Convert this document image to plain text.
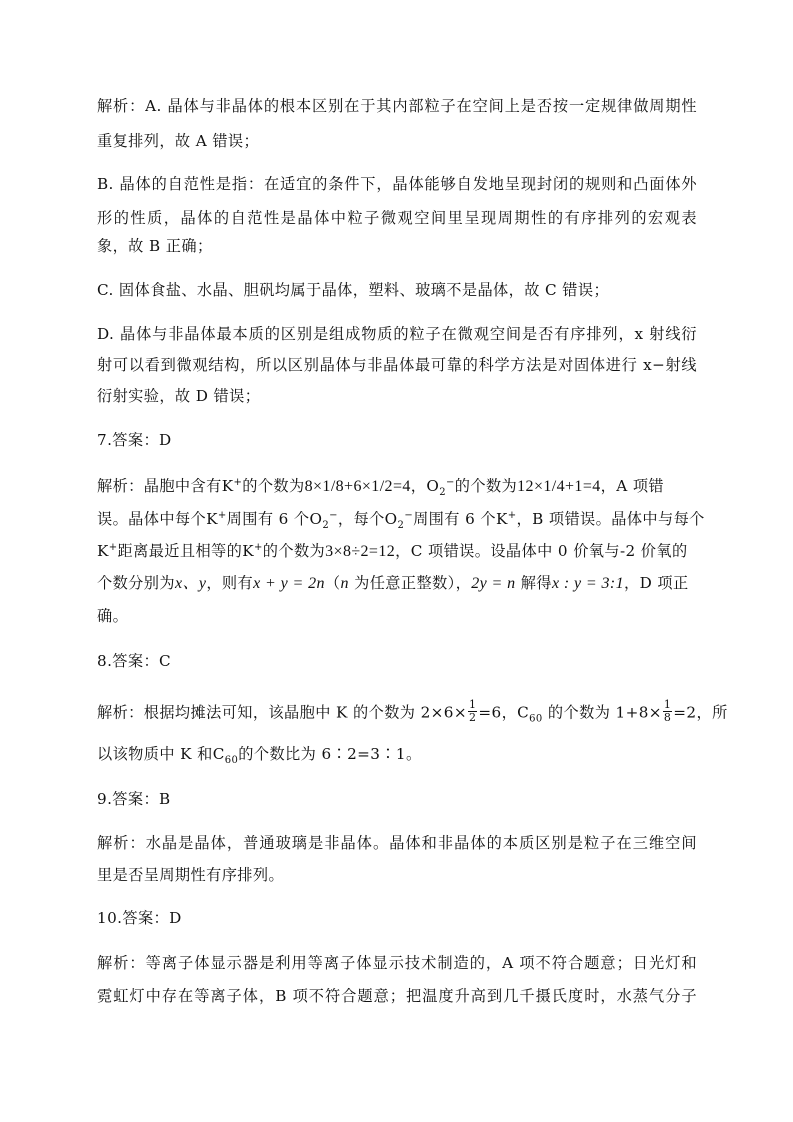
解析：A. 晶体与非晶体的根本区别在于其内部粒子在空间上是否按一定规律做周期性
重复排列，故 A 错误；
B. 晶体的自范性是指：在适宜的条件下，晶体能够自发地呈现封闭的规则和凸面体外
形的性质，晶体的自范性是晶体中粒子微观空间里呈现周期性的有序排列的宏观表
象，故 B 正确；
C. 固体食盐、水晶、胆矾均属于晶体，塑料、玻璃不是晶体，故 C 错误；
D. 晶体与非晶体最本质的区别是组成物质的粒子在微观空间是否有序排列，x 射线衍
射可以看到微观结构，所以区别晶体与非晶体最可靠的科学方法是对固体进行 x−射线
衍射实验，故 D 错误；
7.答案：D
解析：晶胞中含有K+的个数为8×1/8+6×1/2=4，$O_2^-$的个数为12×1/4+1=4，A 项错
误。晶体中每个K+周围有 6 个$O_2^-$，每个$O_2^-$周围有 6 个K+，B 项错误。晶体中与每个
K+距离最近且相等的K+的个数为3×8÷2=12，C 项错误。设晶体中 0 价氧与-2 价氧的
个数分别为x、y，则有x + y = 2n（n 为任意正整数），2y = n 解得x : y = 3:1，D 项正
确。
8.答案：C
解析：根据均摊法可知，该晶胞中 K 的个数为 $2\times 6\times \frac{1}{2} =6$，$C_{60}$ 的个数为 $1+8\times \frac{1}{8} =2$，所
以该物质中 K 和$C_{60}$的个数比为 6∶2=3∶1。
9.答案：B
解析：水晶是晶体，普通玻璃是非晶体。晶体和非晶体的本质区别是粒子在三维空间
里是否呈周期性有序排列。
10.答案：D
解析：等离子体显示器是利用等离子体显示技术制造的，A 项不符合题意；日光灯和
霓虹灯中存在等离子体，B 项不符合题意；把温度升高到几千摄氏度时，水蒸气分子
